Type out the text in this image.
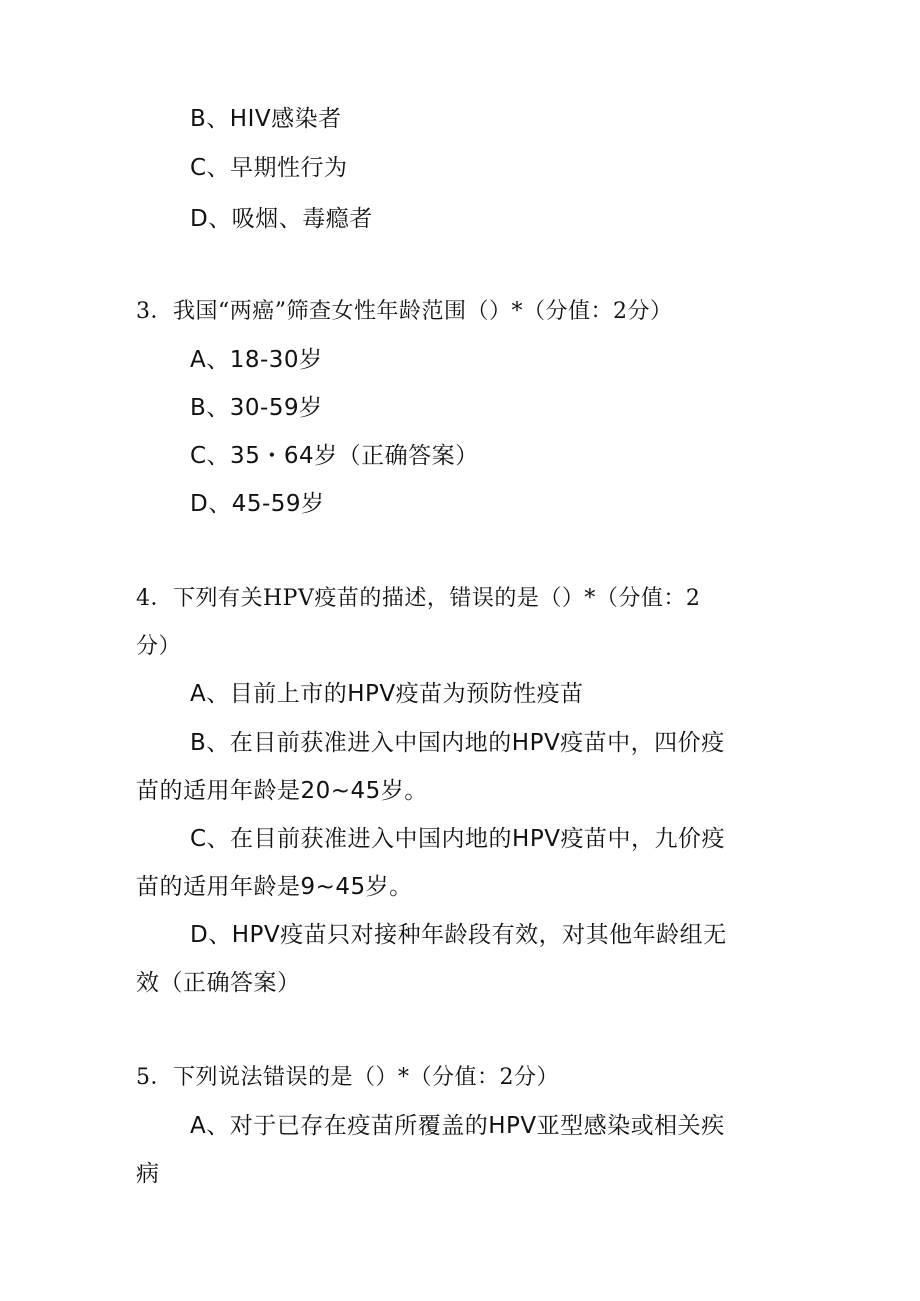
B、HIV感染者
C、早期性行为
D、吸烟、毒瘾者
3．我国“两癌”筛查女性年龄范围（）*（分值：2分）
A、18-30岁
B、30-59岁
C、35・64岁（正确答案）
D、45-59岁
4．下列有关HPV疫苗的描述，错误的是（）*（分值：2
分）
A、目前上市的HPV疫苗为预防性疫苗
B、在目前获准进入中国内地的HPV疫苗中，四价疫
苗的适用年龄是20~45岁。
C、在目前获准进入中国内地的HPV疫苗中，九价疫
苗的适用年龄是9~45岁。
D、HPV疫苗只对接种年龄段有效，对其他年龄组无
效（正确答案）
5．下列说法错误的是（）*（分值：2分）
A、对于已存在疫苗所覆盖的HPV亚型感染或相关疾
病
